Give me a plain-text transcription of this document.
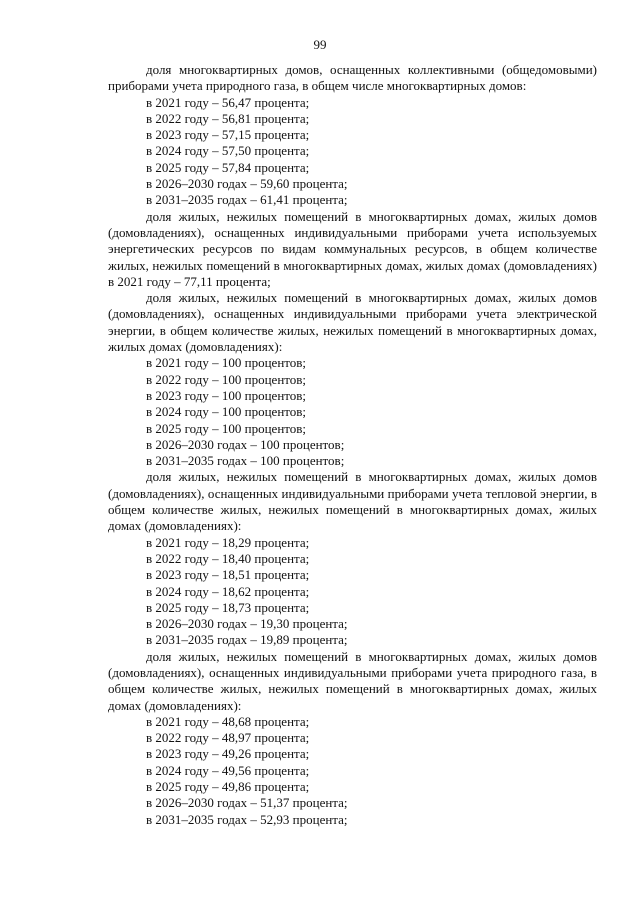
99

доля многоквартирных домов, оснащенных коллективными (общедомовыми) приборами учета природного газа, в общем числе многоквартирных домов:

в 2021 году – 56,47 процента;

в 2022 году – 56,81 процента;

в 2023 году – 57,15 процента;

в 2024 году – 57,50 процента;

в 2025 году – 57,84 процента;

в 2026–2030 годах – 59,60 процента;

в 2031–2035 годах – 61,41 процента;

доля жилых, нежилых помещений в многоквартирных домах, жилых домов (домовладениях), оснащенных индивидуальными приборами учета используемых энергетических ресурсов по видам коммунальных ресурсов, в общем количестве жилых, нежилых помещений в многоквартирных домах, жилых домах (домовладениях) в 2021 году – 77,11 процента;

доля жилых, нежилых помещений в многоквартирных домах, жилых домов (домовладениях), оснащенных индивидуальными приборами учета электрической энергии, в общем количестве жилых, нежилых помещений в многоквартирных домах, жилых домах (домовладениях):

в 2021 году – 100 процентов;

в 2022 году – 100 процентов;

в 2023 году – 100 процентов;

в 2024 году – 100 процентов;

в 2025 году – 100 процентов;

в 2026–2030 годах – 100 процентов;

в 2031–2035 годах – 100 процентов;

доля жилых, нежилых помещений в многоквартирных домах, жилых домов (домовладениях), оснащенных индивидуальными приборами учета тепловой энергии, в общем количестве жилых, нежилых помещений в многоквартирных домах, жилых домах (домовладениях):

в 2021 году – 18,29 процента;

в 2022 году – 18,40 процента;

в 2023 году – 18,51 процента;

в 2024 году – 18,62 процента;

в 2025 году – 18,73 процента;

в 2026–2030 годах – 19,30 процента;

в 2031–2035 годах – 19,89 процента;

доля жилых, нежилых помещений в многоквартирных домах, жилых домов (домовладениях), оснащенных индивидуальными приборами учета природного газа, в общем количестве жилых, нежилых помещений в многоквартирных домах, жилых домах (домовладениях):

в 2021 году – 48,68 процента;

в 2022 году – 48,97 процента;

в 2023 году – 49,26 процента;

в 2024 году – 49,56 процента;

в 2025 году – 49,86 процента;

в 2026–2030 годах – 51,37 процента;

в 2031–2035 годах – 52,93 процента;
